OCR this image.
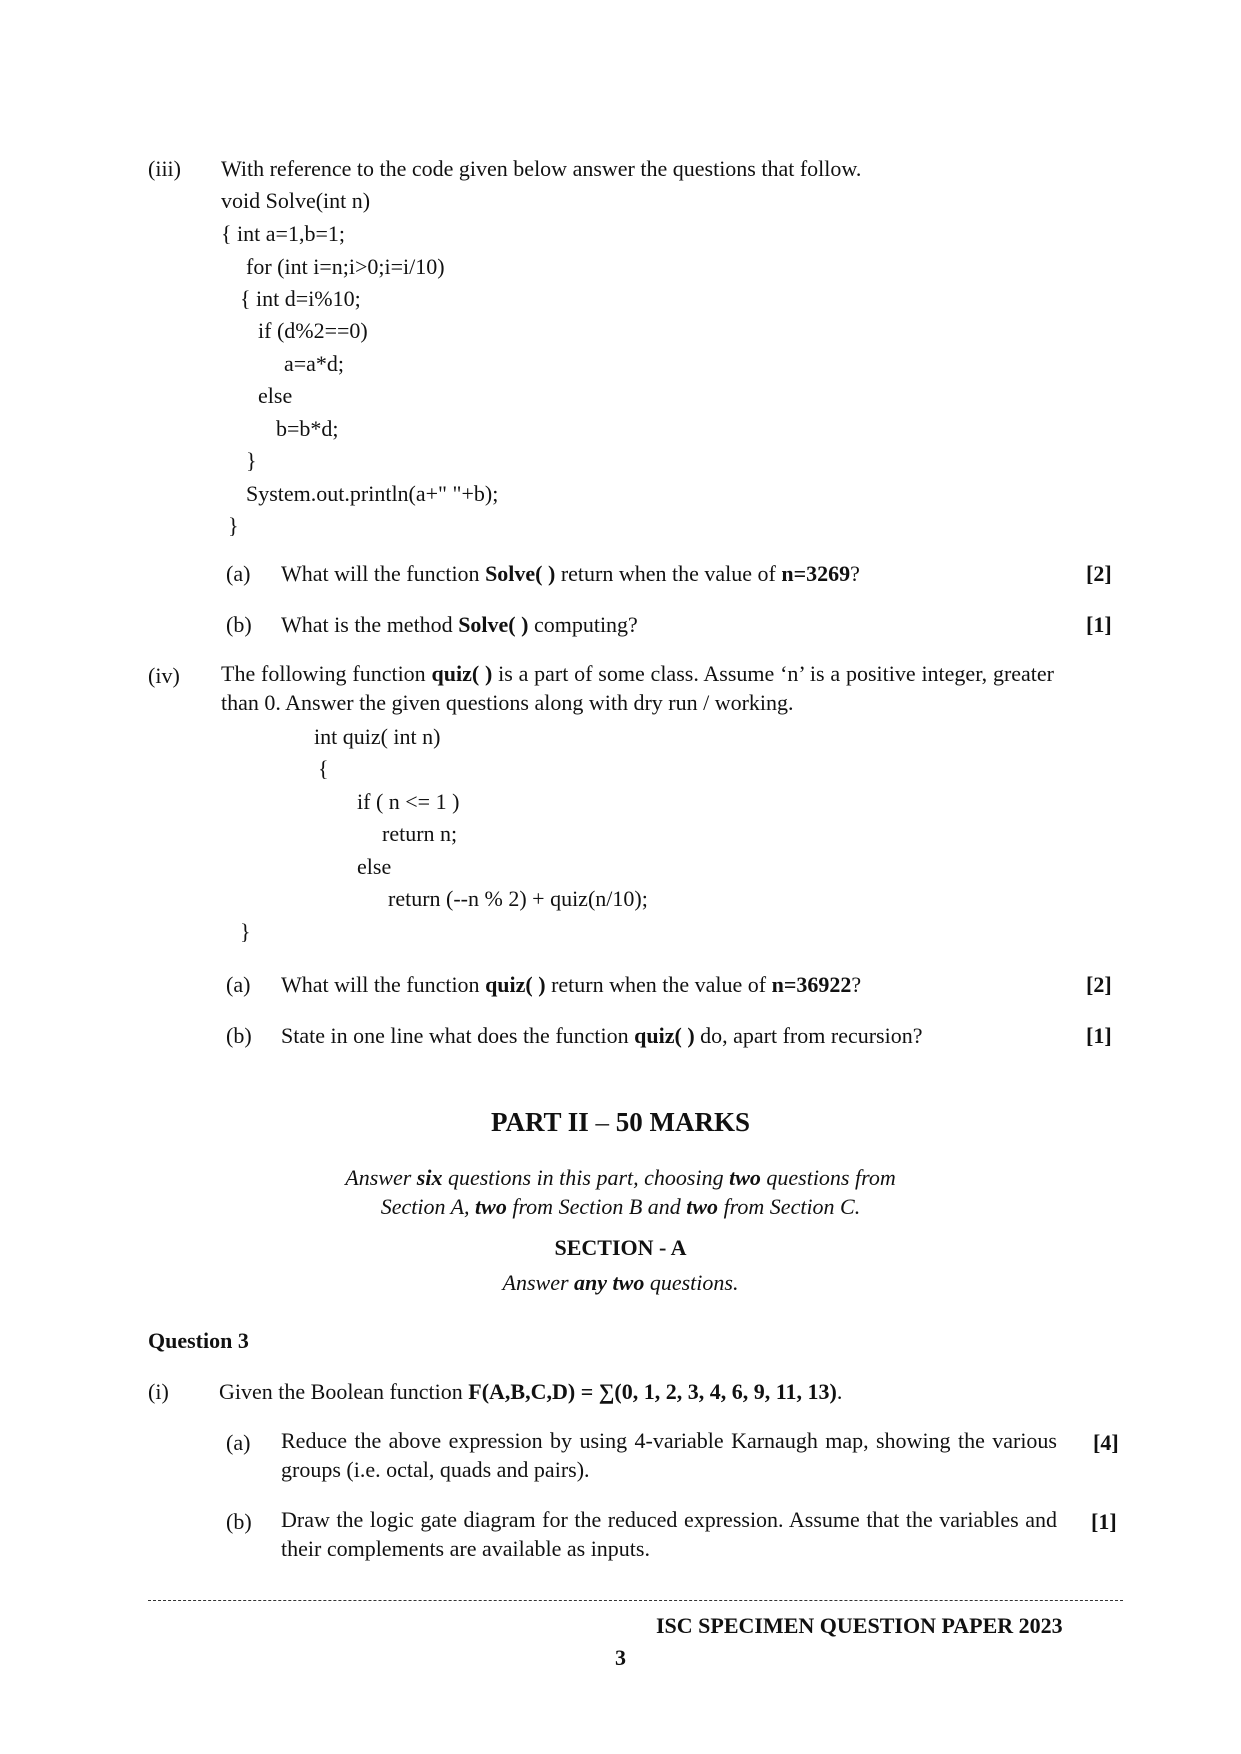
(iii) With reference to the code given below answer the questions that follow.
void Solve(int n)
{ int a=1,b=1;
for (int i=n;i>0;i=i/10)
{ int d=i%10;
if (d%2==0)
a=a*d;
else
b=b*d;
}
System.out.println(a+" "+b);
}
(a) What will the function Solve( ) return when the value of n=3269?	[2]
(b) What is the method Solve( ) computing?	[1]
(iv) The following function quiz( ) is a part of some class. Assume ‘n’ is a positive integer, greater than 0. Answer the given questions along with dry run / working.
int quiz( int n)
{
if ( n <= 1 )
return n;
else
return (--n % 2) + quiz(n/10);
}
(a) What will the function quiz( ) return when the value of n=36922?	[2]
(b) State in one line what does the function quiz( ) do, apart from recursion?	[1]
PART II – 50 MARKS
Answer six questions in this part, choosing two questions from
Section A, two from Section B and two from Section C.
SECTION - A
Answer any two questions.
Question 3
(i) Given the Boolean function F(A,B,C,D) = ∑(0, 1, 2, 3, 4, 6, 9, 11, 13).
(a) Reduce the above expression by using 4-variable Karnaugh map, showing the various groups (i.e. octal, quads and pairs).
[4]
(b) Draw the logic gate diagram for the reduced expression. Assume that the variables and their complements are available as inputs.
[1]
ISC SPECIMEN QUESTION PAPER 2023
3
